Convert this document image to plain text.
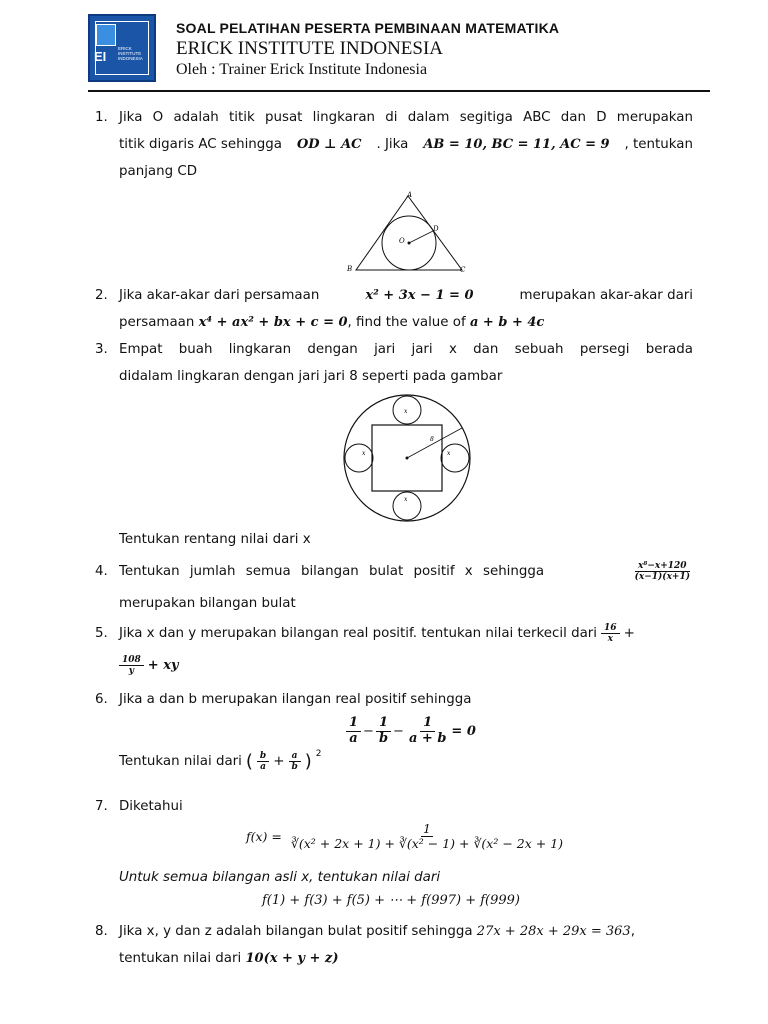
EI
ERICK INSTITUTE INDONESIA
SOAL PELATIHAN PESERTA PEMBINAAN MATEMATIKA
ERICK INSTITUTE INDONESIA
Oleh : Trainer Erick Institute Indonesia
1. Jika O adalah titik pusat lingkaran di dalam segitiga ABC dan D merupakan
titik digaris AC sehingga OD ⊥ AC . Jika AB = 10, BC = 11, AC = 9 , tentukan
panjang CD
A
B	C
D
O
2. Jika akar-akar dari persamaan	x² + 3x − 1 = 0	merupakan akar-akar dari
persamaan x⁴ + ax² + bx + c = 0, find the value of a + b + 4c
3. Empat buah lingkaran dengan jari jari x dan sebuah persegi berada
didalam lingkaran dengan jari jari 8 seperti pada gambar
Tentukan rentang nilai dari x
8
x
x
x	x
4. Tentukan jumlah semua bilangan bulat positif x sehingga	$\frac{\text{x⁸−x+120}}{(x-1)(x+1)}$
merupakan bilangan bulat
5. Jika x dan y merupakan bilangan real positif. tentukan nilai terkecil dari $\frac{16}{x}$ +
$\frac{108}{y}$ + xy
6. Jika a dan b merupakan ilangan real positif sehingga
Tentukan nilai dari ( $\frac{b}{a} + \frac{a}{b}$ ) $^2$
$\frac{1}{a} - \frac{1}{b} - \frac{1}{a + b} = 0$
7. Diketahui
Untuk semua bilangan asli x, tentukan nilai dari
$f(x) = \frac{1}{\text{∛(x² + 2x + 1) + ∛(x² − 1) + ∛(x² − 2x + 1)}}$
f(1) + f(3) + f(5) + ⋯ + f(997) + f(999)
8. Jika x, y dan z adalah bilangan bulat positif sehingga 27x + 28x + 29x = 363,
tentukan nilai dari 10(x + y + z)
